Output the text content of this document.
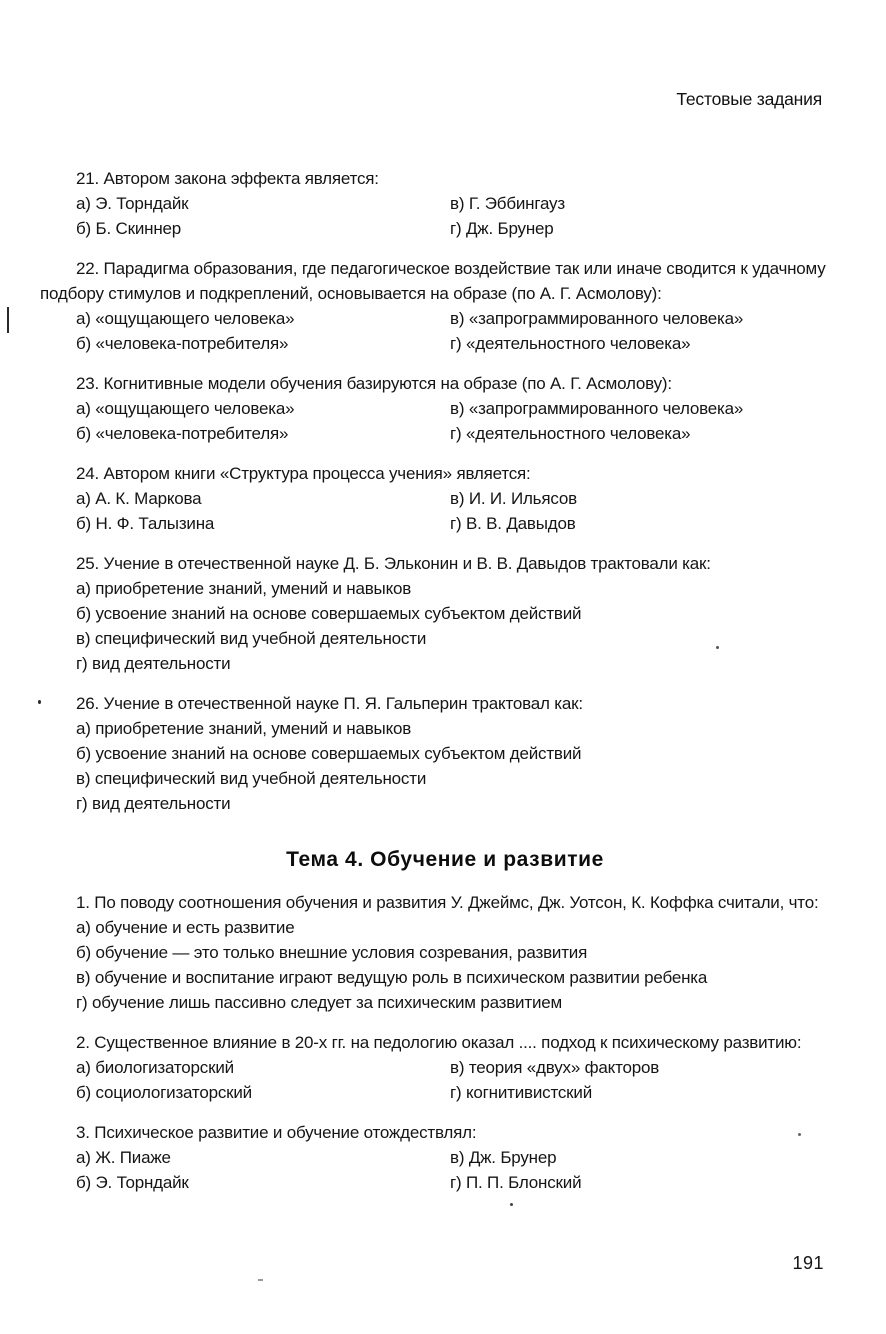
Тестовые задания

21. Автором закона эффекта является:

а) Э. Торндайк	в) Г. Эббингауз
б) Б. Скиннер	г) Дж. Брунер

22. Парадигма образования, где педагогическое воздействие так или иначе сводится к удачному подбору стимулов и подкреплений, основывается на образе (по А. Г. Асмолову):

а) «ощущающего человека»	в) «запрограммированного человека»
б) «человека-потребителя»	г) «деятельностного человека»

23. Когнитивные модели обучения базируются на образе (по А. Г. Асмолову):

а) «ощущающего человека»	в) «запрограммированного человека»
б) «человека-потребителя»	г) «деятельностного человека»

24. Автором книги «Структура процесса учения» является:

а) А. К. Маркова	в) И. И. Ильясов
б) Н. Ф. Талызина	г) В. В. Давыдов

25. Учение в отечественной науке Д. Б. Эльконин и В. В. Давыдов трактовали как:

а) приобретение знаний, умений и навыков
б) усвоение знаний на основе совершаемых субъектом действий
в) специфический вид учебной деятельности
г) вид деятельности

26. Учение в отечественной науке П. Я. Гальперин трактовал как:

а) приобретение знаний, умений и навыков
б) усвоение знаний на основе совершаемых субъектом действий
в) специфический вид учебной деятельности
г) вид деятельности
Тема 4. Обучение и развитие

1. По поводу соотношения обучения и развития У. Джеймс, Дж. Уотсон, К. Коффка считали, что:

а) обучение и есть развитие
б) обучение — это только внешние условия созревания, развития
в) обучение и воспитание играют ведущую роль в психическом развитии ребенка
г) обучение лишь пассивно следует за психическим развитием

2. Существенное влияние в 20-х гг. на педологию оказал .... подход к психическому развитию:

а) биологизаторский	в) теория «двух» факторов
б) социологизаторский	г) когнитивистский

3. Психическое развитие и обучение отождествлял:

а) Ж. Пиаже	в) Дж. Брунер
б) Э. Торндайк	г) П. П. Блонский
191
